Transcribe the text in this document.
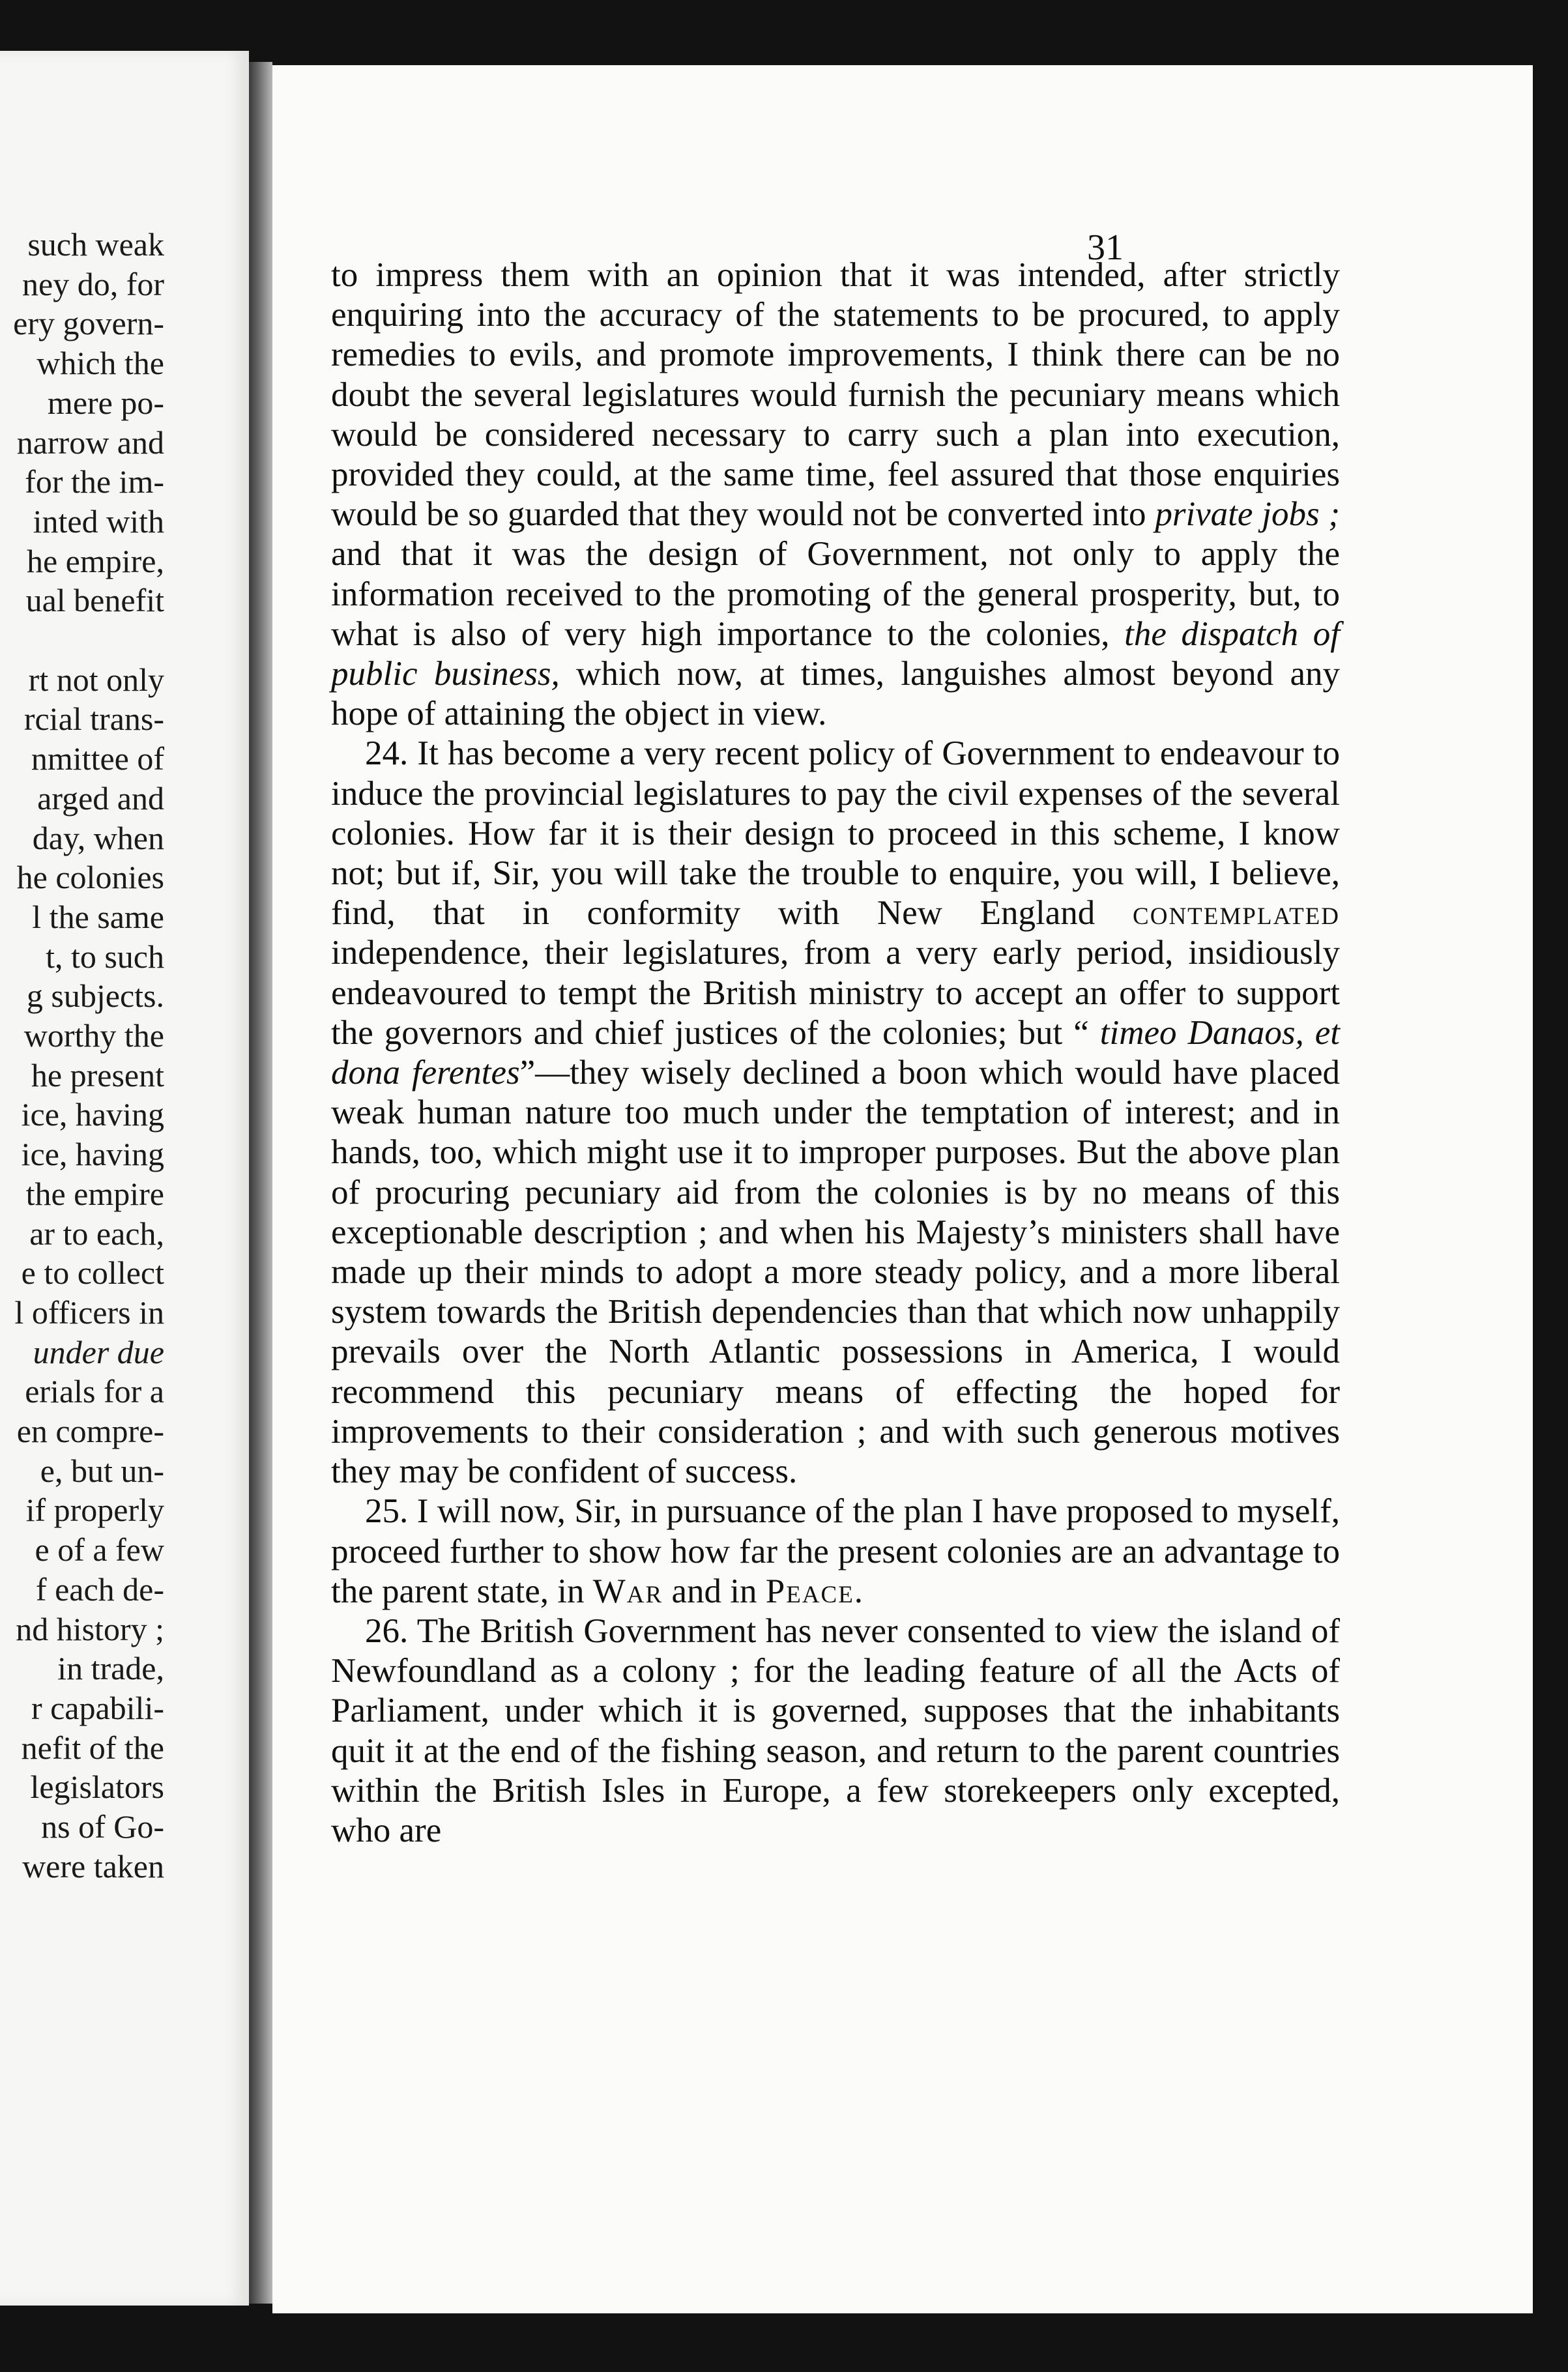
such weak
ney do, for
ery govern-
which the
mere po-
narrow and
for the im-
inted with
he empire,
ual benefit
rt not only
rcial trans-
nmittee of
arged and
day, when
he colonies
l the same
t, to such
g subjects.
worthy the
he present
ice, having
ice, having
the empire
ar to each,
e to collect
l officers in
under due
erials for a
en compre-
e, but un-
if properly
e of a few
f each de-
nd history ;
in trade,
r capabili-
nefit of the
legislators
ns of Go-
were taken
31

to impress them with an opinion that it was intended, after strictly enquiring into the accuracy of the statements to be procured, to apply remedies to evils, and promote improvements, I think there can be no doubt the several legislatures would furnish the pecuniary means which would be considered necessary to carry such a plan into execution, provided they could, at the same time, feel assured that those enquiries would be so guarded that they would not be converted into private jobs ; and that it was the design of Government, not only to apply the information received to the promoting of the general prosperity, but, to what is also of very high importance to the colonies, the dispatch of public business, which now, at times, languishes almost beyond any hope of attaining the object in view.

24. It has become a very recent policy of Government to endeavour to induce the provincial legislatures to pay the civil expenses of the several colonies. How far it is their design to proceed in this scheme, I know not; but if, Sir, you will take the trouble to enquire, you will, I believe, find, that in conformity with New England contemplated independence, their legislatures, from a very early period, insidiously endeavoured to tempt the British ministry to accept an offer to support the governors and chief justices of the colonies; but “ timeo Danaos, et dona ferentes”—they wisely declined a boon which would have placed weak human nature too much under the temptation of interest; and in hands, too, which might use it to improper purposes. But the above plan of procuring pecuniary aid from the colonies is by no means of this exceptionable description ; and when his Majesty’s ministers shall have made up their minds to adopt a more steady policy, and a more liberal system towards the British dependencies than that which now unhappily prevails over the North Atlantic possessions in America, I would recommend this pecuniary means of effecting the hoped for improvements to their consideration ; and with such generous motives they may be confident of success.

25. I will now, Sir, in pursuance of the plan I have proposed to myself, proceed further to show how far the present colonies are an advantage to the parent state, in War and in Peace.

26. The British Government has never consented to view the island of Newfoundland as a colony ; for the leading feature of all the Acts of Parliament, under which it is governed, supposes that the inhabitants quit it at the end of the fishing season, and return to the parent countries within the British Isles in Europe, a few storekeepers only excepted, who are
